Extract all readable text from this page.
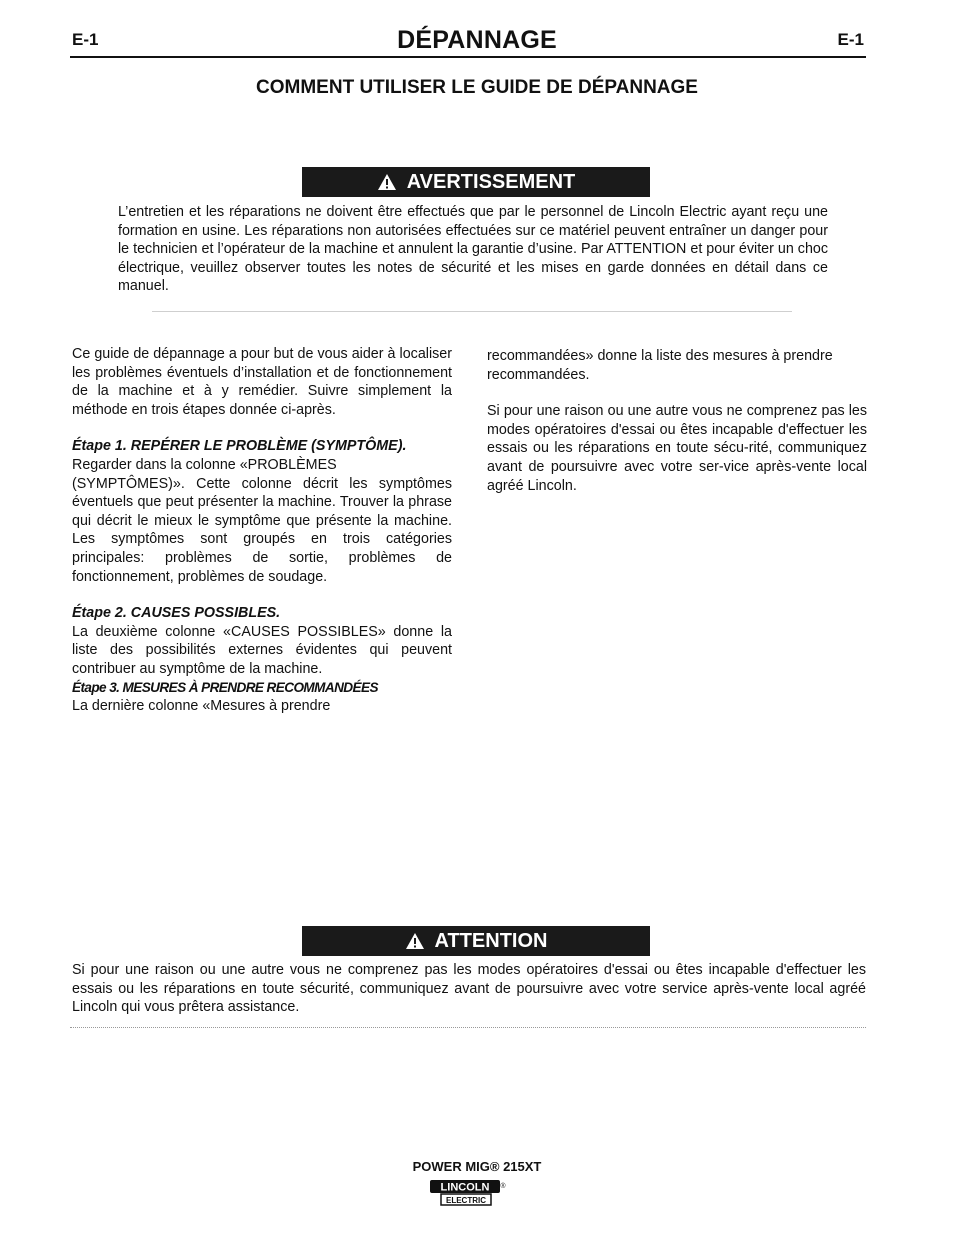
E-1	DÉPANNAGE	E-1
COMMENT UTILISER LE GUIDE DE DÉPANNAGE
AVERTISSEMENT
L’entretien et les réparations ne doivent être effectués que par le personnel de Lincoln Electric ayant reçu une formation en usine. Les réparations non autorisées effectuées sur ce matériel peuvent entraîner un danger pour le technicien et l’opérateur de la machine et annulent la garantie d’usine. Par ATTENTION et pour éviter un choc électrique, veuillez observer toutes les notes de sécurité et les mises en garde données en détail dans ce manuel.

Ce guide de dépannage a pour but de vous aider à localiser les problèmes éventuels d’installation et de fonctionnement de la machine et à y remédier. Suivre simplement la méthode en trois étapes donnée ci-après.

Étape 1. REPÉRER LE PROBLÈME (SYMPTÔME).

Regarder dans la colonne «PROBLÈMES

(SYMPTÔMES)». Cette colonne décrit les symptômes éventuels que peut présenter la machine. Trouver la phrase qui décrit le mieux le symptôme que présente la machine. Les symptômes sont groupés en trois catégories principales: problèmes de sortie, problèmes de fonctionnement, problèmes de soudage.

Étape 2. CAUSES POSSIBLES.

La deuxième colonne «CAUSES POSSIBLES» donne la liste des possibilités externes évidentes qui peuvent contribuer au symptôme de la machine.

Étape 3. MESURES À PRENDRE RECOMMANDÉES

La dernière colonne «Mesures à prendre

recommandées» donne la liste des mesures à prendre recommandées.

Si pour une raison ou une autre vous ne comprenez pas les modes opératoires d'essai ou êtes incapable d'effectuer les essais ou les réparations en toute sécu-rité, communiquez avant de poursuivre avec votre ser-vice après-vente local agréé Lincoln.

ATTENTION
Si pour une raison ou une autre vous ne comprenez pas les modes opératoires d'essai ou êtes incapable d'effectuer les essais ou les réparations en toute sécurité, communiquez avant de poursuivre avec votre service après-vente local agréé Lincoln qui vous prêtera assistance.
POWER MIG® 215XT
LINCOLN ®
ELECTRIC
